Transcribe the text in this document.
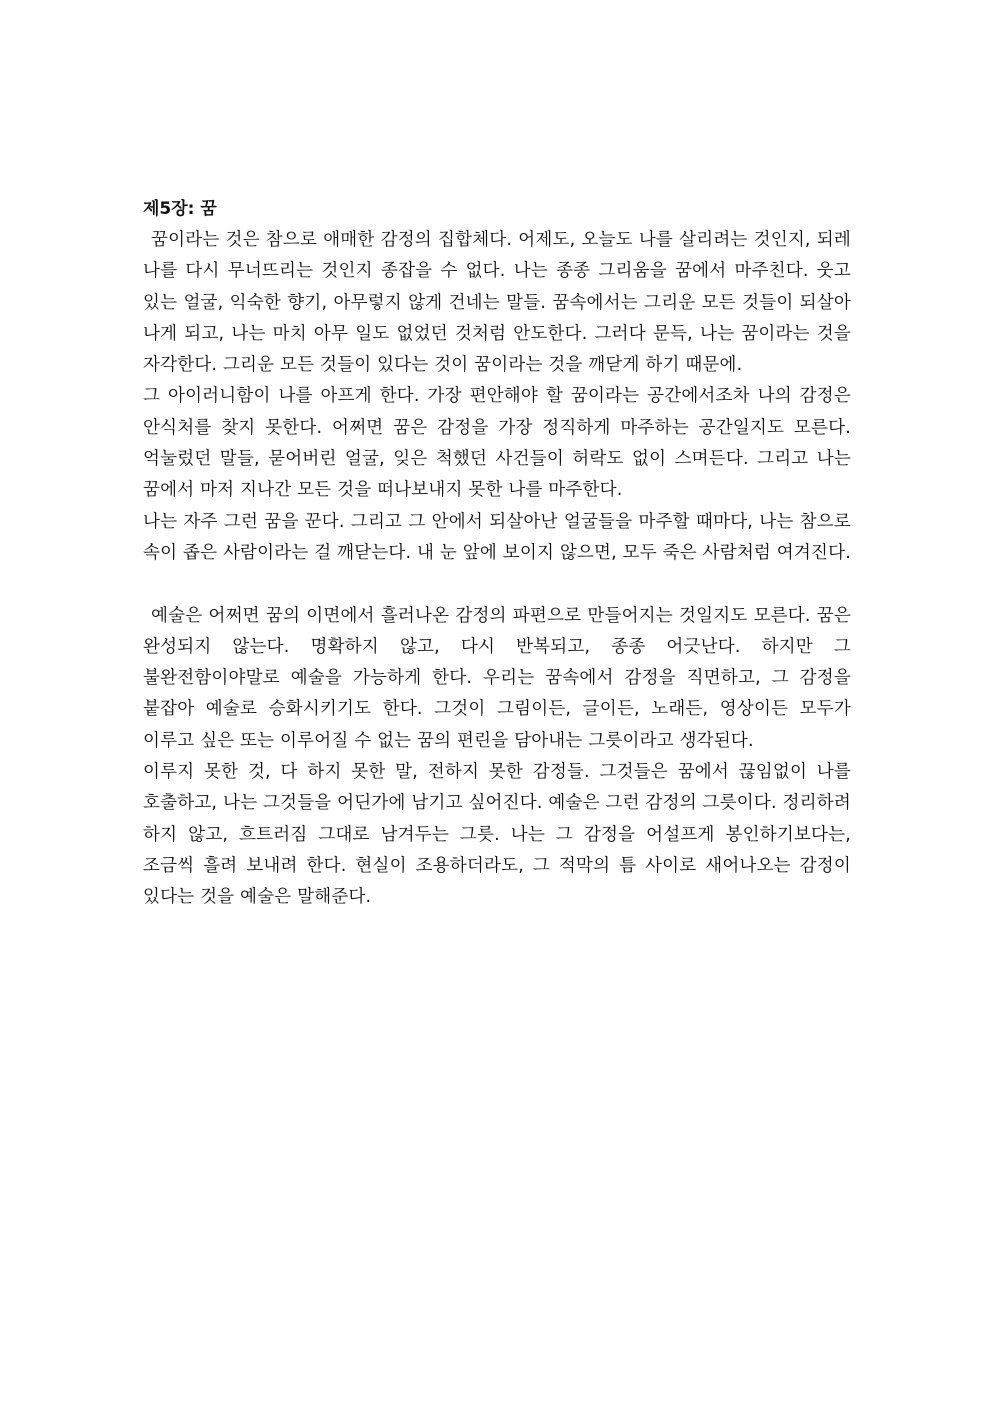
제5장: 꿈

꿈이라는 것은 참으로 애매한 감정의 집합체다. 어제도, 오늘도 나를 살리려는 것인지, 되레 나를 다시 무너뜨리는 것인지 종잡을 수 없다. 나는 종종 그리움을 꿈에서 마주친다. 웃고 있는 얼굴, 익숙한 향기, 아무렇지 않게 건네는 말들. 꿈속에서는 그리운 모든 것들이 되살아 나게 되고, 나는 마치 아무 일도 없었던 것처럼 안도한다. 그러다 문득, 나는 꿈이라는 것을 자각한다. 그리운 모든 것들이 있다는 것이 꿈이라는 것을 깨닫게 하기 때문에.

그 아이러니함이 나를 아프게 한다. 가장 편안해야 할 꿈이라는 공간에서조차 나의 감정은 안식처를 찾지 못한다. 어쩌면 꿈은 감정을 가장 정직하게 마주하는 공간일지도 모른다. 억눌렀던 말들, 묻어버린 얼굴, 잊은 척했던 사건들이 허락도 없이 스며든다. 그리고 나는 꿈에서 마저 지나간 모든 것을 떠나보내지 못한 나를 마주한다.

나는 자주 그런 꿈을 꾼다. 그리고 그 안에서 되살아난 얼굴들을 마주할 때마다, 나는 참으로 속이 좁은 사람이라는 걸 깨닫는다. 내 눈 앞에 보이지 않으면, 모두 죽은 사람처럼 여겨진다.

예술은 어쩌면 꿈의 이면에서 흘러나온 감정의 파편으로 만들어지는 것일지도 모른다. 꿈은 완성되지 않는다. 명확하지 않고, 다시 반복되고, 종종 어긋난다. 하지만 그 불완전함이야말로 예술을 가능하게 한다. 우리는 꿈속에서 감정을 직면하고, 그 감정을 붙잡아 예술로 승화시키기도 한다. 그것이 그림이든, 글이든, 노래든, 영상이든 모두가 이루고 싶은 또는 이루어질 수 없는 꿈의 편린을 담아내는 그릇이라고 생각된다.

이루지 못한 것, 다 하지 못한 말, 전하지 못한 감정들. 그것들은 꿈에서 끊임없이 나를 호출하고, 나는 그것들을 어딘가에 남기고 싶어진다. 예술은 그런 감정의 그릇이다. 정리하려 하지 않고, 흐트러짐 그대로 남겨두는 그릇. 나는 그 감정을 어설프게 봉인하기보다는, 조금씩 흘려 보내려 한다. 현실이 조용하더라도, 그 적막의 틈 사이로 새어나오는 감정이 있다는 것을 예술은 말해준다.
